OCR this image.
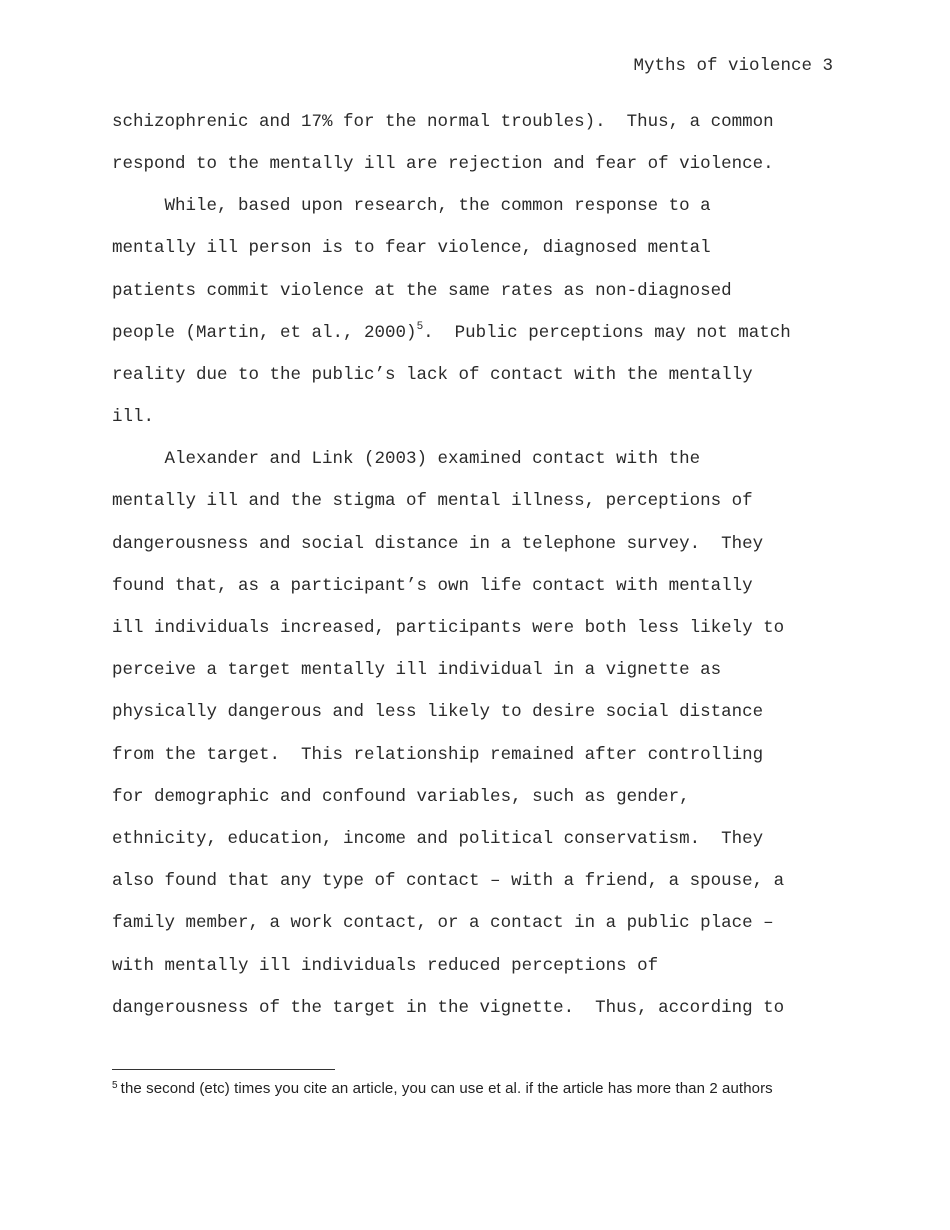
Myths of violence 3
schizophrenic and 17% for the normal troubles).  Thus, a common
respond to the mentally ill are rejection and fear of violence.
While, based upon research, the common response to a
mentally ill person is to fear violence, diagnosed mental
patients commit violence at the same rates as non-diagnosed
people (Martin, et al., 2000)$^5$.  Public perceptions may not match
reality due to the public’s lack of contact with the mentally
ill.
Alexander and Link (2003) examined contact with the
mentally ill and the stigma of mental illness, perceptions of
dangerousness and social distance in a telephone survey.  They
found that, as a participant’s own life contact with mentally
ill individuals increased, participants were both less likely to
perceive a target mentally ill individual in a vignette as
physically dangerous and less likely to desire social distance
from the target.  This relationship remained after controlling
for demographic and confound variables, such as gender,
ethnicity, education, income and political conservatism.  They
also found that any type of contact – with a friend, a spouse, a
family member, a work contact, or a contact in a public place –
with mentally ill individuals reduced perceptions of
dangerousness of the target in the vignette.  Thus, according to
$^5$ the second (etc) times you cite an article, you can use et al. if the article has more than 2 authors
